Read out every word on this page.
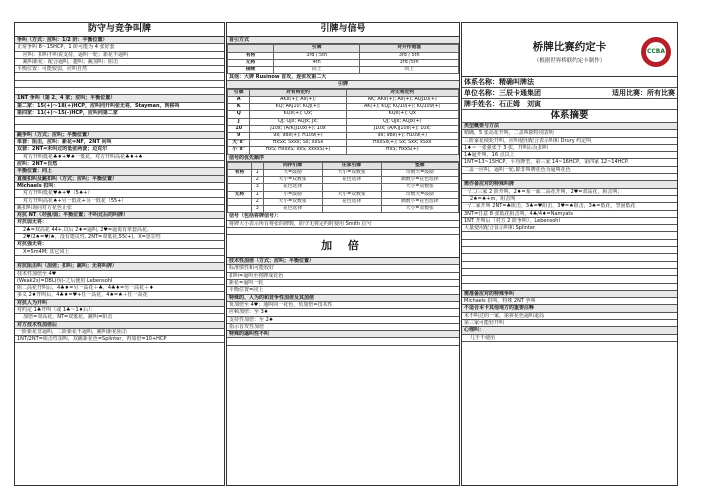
防守与竞争叫牌
争叫（方式：应叫：1/2 阶：平衡位置）
正常争叫 8～15HCP，1 阶可能为 4 张好套
应叫：扣叫不叫说支持，逼叫一轮；新花不逼叫
跳叫新花：配合逼叫，邀叫；跳加叫：阻击
平衡位置：可能较弱，应叫自然
1NT 争叫（第 2、4 家；应叫；平衡位置）
第二家：15(+)～18(+)HCP，应叫同开叫张无将，Stayman，转移叫
第四家：11(+)～15(-)HCP，应叫同第二家
跳争叫（方式；应叫；平衡位置）
单套：阻击，应叫：新花=NF，2NT 问叫
双套：2NT=未叫过的低张两套；迈克尔
对方开叫低花♣♦+♥♠一低花，对方开叫高花♣♦+♠
应叫：2NT=自然
平衡位置：同上
直接扣叫及跳扣叫（方式；应叫；平衡位置）
Michaels 扣叫：
对方开叫低花♥♠+♥（5♠+）
对方开叫高花♠+另一低花+另一低花（55+）
跳扣叫询问对方花色止张
对抗 NT（对强/弱；平衡位置；不叫过后的叫牌）
对抗弱无将：
2♣=双高花 44+,以后 2♦=逼叫, 2♥=逼说有单套高花,
2♥/2♠=♥/♠，没有建议性, 2NT=双低花,55(+)，X=惩罚性
对抗强无将：
X=5m4M; 其它同上
对抗阻击叫（加倍；扣叫；跳叫；无将叫牌）
技术性加倍至 4♥
(Weak2s)=DBL(伪)-之后使用 Lebensohl
阻二高花开叫后，4♣♦=另一高花＋♣，4♣♦=另一高花＋♦
多义 2♦开叫后，4♣♦=♥+任一高花，4♠=♠＋任一高花
对抗人为开叫
对约定 1♣开叫（或 1♣～1♦后）：
加倍=双高花，NT=双低花，跳叫=阻击
对方技术性加倍后
一阶新花非逼叫，二阶新花不逼叫，跳叫新花阻击
1NT/2NT=阻击性加叫，双跳新花色=Splinter，再加倍=10+HCP
引牌与信号
首引方式
	引牌	对开作始套
有将	3rd / 5th	3rd / 5th
无将	4th	3rd /5th
接续	同上	同上
其他：大牌 Rusinow 首攻，连张攻第二大
引牌
引牌	对有将定约	对无将定约
A	AKx(+); Ax(+);	AK; AKx(+); Ax(+); AQJ10(+)
K	KQ; AKJ10; KQJ(+);	AK(+); KQJ; KQ10(+); KQ109(+)
Q	KQx(+); Qx;	KQx(+); Qx
J	QJ; QJx; AQJx; Jx;	QJ; QJx; AQJx(+)
10	J10x; (A/K)J10x(+); 10x	J10x; (A/K)J10x(+); 10x;
9	9x; 98x(+); H109(+)	9x; 98x(+); H109(+)
大"x"	HxSx; Sxxx; Sx; xxSx	HxxSx(+); Sx; Sxx; xSxx
小"x"	HxS; HxxxS; xxS; xxxxS(+)	HxS; HxxS(+)
信号的优先顺序
		同伴引牌	庄家引牌	垫牌
有将	1	大=鼓励	大小=双数张	奇数大=鼓励
	2	大小=双数张	花色选择	偶数小=花色选择
	3	花色选择		大小=双数张
无将	1	小=鼓励	大小=双数张	奇数大=鼓励
	2	大小=双数张	花色选择	偶数小=花色选择
	3	花色选择		大小=双数张
信号（包括将牌信号）：
将牌大小表示所有将张的牌数，防守无将定约时使用 Smith 信号
加 倍
技术性加倍（方式；应叫；平衡位置）
标准惯性和可能较好
扣叫=逼叫至将牌成花色
新花=逼叫一轮
平衡位置=同上
特殊的、人为的和竞争性加倍及其加倍
负加倍至 4♥；通叫同一花色，负加倍=技术性
应顿加倍：至 3♦
支持性加倍：至 2♠
指示首攻性加倍
特殊的逼叫性不叫
桥牌比赛约定卡
（根据世界桥联约定卡制作）
CCBA
体系名称：精确叫牌法
单位名称：三辰卡通集团	适用比赛：所有比赛
牌手姓名：石正姆　刘寅
体系摘要
类型概要与方法
精确，5 张高花开叫，二盖叫除特别表明
三阶家花续轮开叫，应叫使用配合表示叫和 Drury 约定叫
1♦＝一张强张于 3 张，开叫后反扣叫
1♣逼开叫，16 点以上
1NT=13~15HCP，平均牌型，第三家 14~16HCP，第四家 12~14HCP.
二盖一应叫，逼叫一轮,除非叫牌花色为逼叫花色
需作备应对的特殊叫牌
一/二/三家 2 阶开叫，2♦=某一面二高花开叫，2♥=双高花，阻击叫；
2♠=♠+m，阻击叫
一/二家开叫 2NT=♣阻击，3♣=♥阻击，3♥=♠阻击，3♠=低花，坚固低花
3NT=任意 8 张低花阻击叫，4♣/4♦=Namyats
1NT 开叫后（对方 2 阶争叫），Lebensohl
大量使用配合显示叫和 Splinter
需准备应对的特殊争叫
Michaels 扣叫，特殊 2NT 争叫
不适合本卡其他地方的重要注释
未不叫过的一家，第拼花色逼叫退局
第三家可能轻开叫
心理叫：
几乎不使用
